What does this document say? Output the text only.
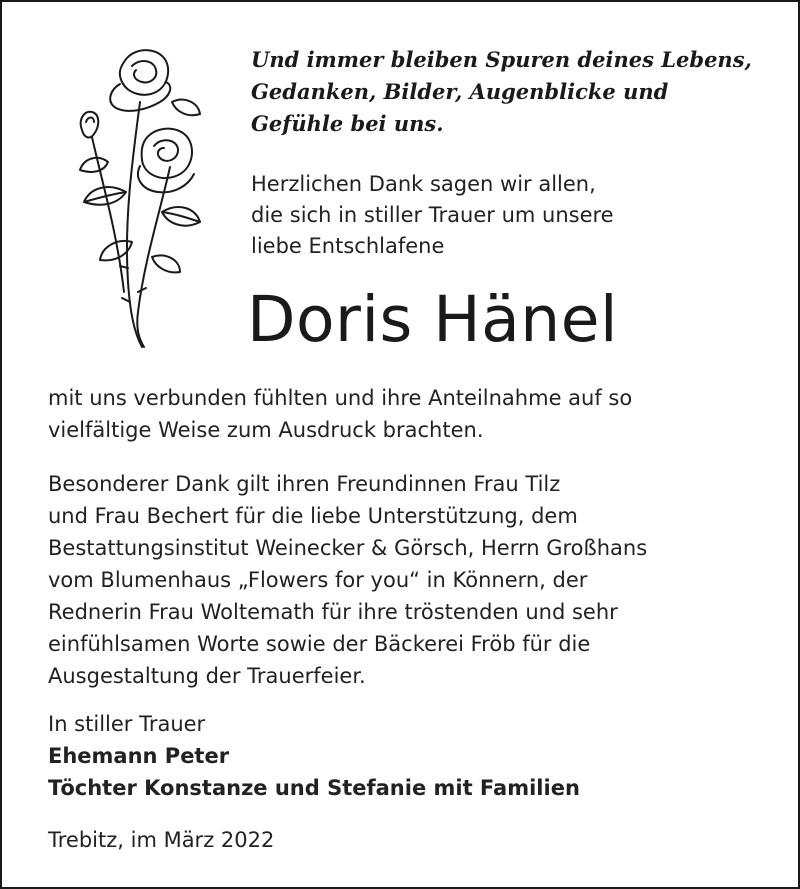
Und immer bleiben Spuren deines Lebens,
Gedanken, Bilder, Augenblicke und
Gefühle bei uns.
Herzlichen Dank sagen wir allen,
die sich in stiller Trauer um unsere
liebe Entschlafene
Doris Hänel
mit uns verbunden fühlten und ihre Anteilnahme auf so
vielfältige Weise zum Ausdruck brachten.
Besonderer Dank gilt ihren Freundinnen Frau Tilz
und Frau Bechert für die liebe Unterstützung, dem
Bestattungsinstitut Weinecker & Görsch, Herrn Großhans
vom Blumenhaus „Flowers for you“ in Könnern, der
Rednerin Frau Woltemath für ihre tröstenden und sehr
einfühlsamen Worte sowie der Bäckerei Fröb für die
Ausgestaltung der Trauerfeier.
In stiller Trauer
Ehemann Peter
Töchter Konstanze und Stefanie mit Familien
Trebitz, im März 2022
